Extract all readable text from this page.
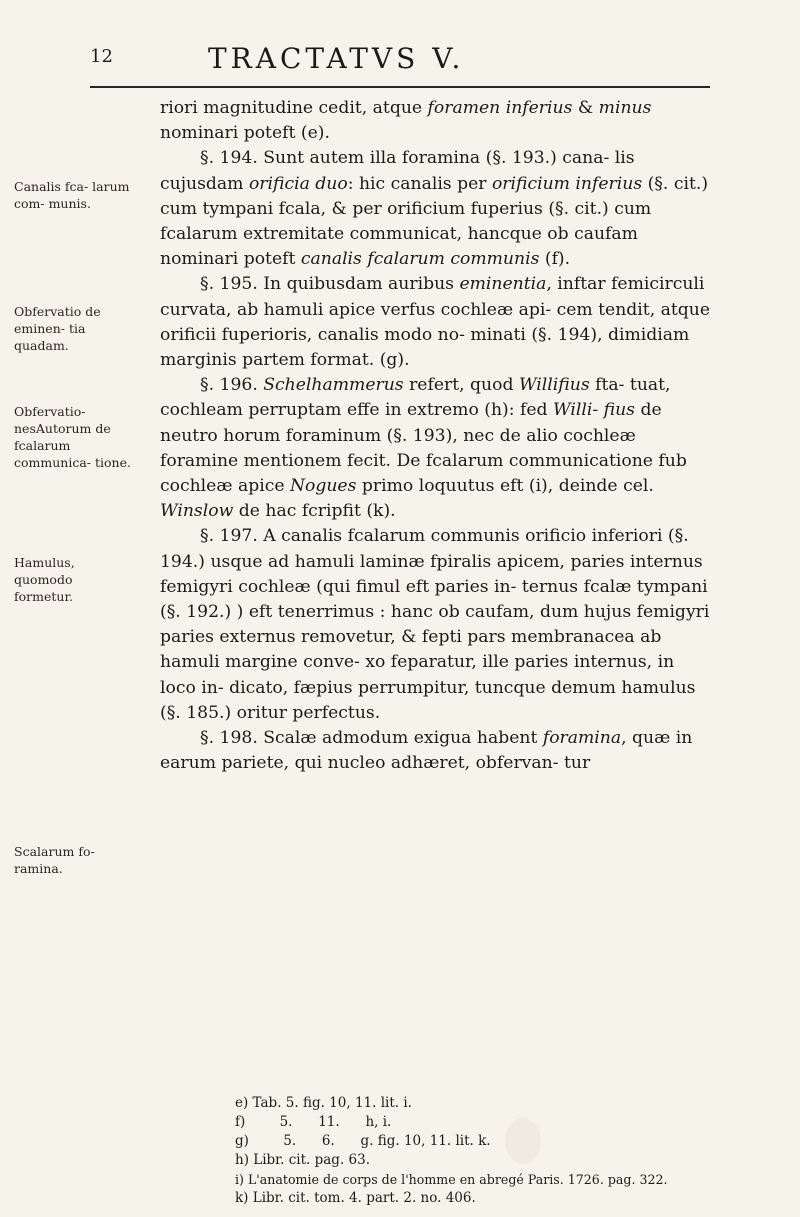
12	TRACTATVS V.
Canalis fca- larum com- munis.
Obfervatio de eminen- tia quadam.
Obfervatio- nesAutorum de fcalarum communica- tione.
Hamulus, quomodo formetur.
Scalarum fo- ramina.

riori magnitudine cedit, atque foramen inferius & minus nominari poteft (e).

§. 194. Sunt autem illa foramina (§. 193.) cana- lis cujusdam orificia duo: hic canalis per orificium inferius (§. cit.) cum tympani fcala, & per orificium fuperius (§. cit.) cum fcalarum extremitate communicat, hancque ob caufam nominari poteft canalis fcalarum communis (f).

§. 195. In quibusdam auribus eminentia, inftar femicirculi curvata, ab hamuli apice verfus cochleæ api- cem tendit, atque orificii fuperioris, canalis modo no- minati (§. 194), dimidiam marginis partem format. (g).

§. 196. Schelhammerus refert, quod Willifius fta- tuat, cochleam perruptam effe in extremo (h): fed Willi- fius de neutro horum foraminum (§. 193), nec de alio cochleæ foramine mentionem fecit. De fcalarum communicatione fub cochleæ apice Nogues primo loquutus eft (i), deinde cel. Winslow de hac fcripfit (k).

§. 197. A canalis fcalarum communis orificio inferiori (§. 194.) usque ad hamuli laminæ fpiralis apicem, paries internus femigyri cochleæ (qui fimul eft paries in- ternus fcalæ tympani (§. 192.) ) eft tenerrimus : hanc ob caufam, dum hujus femigyri paries externus removetur, & fepti pars membranacea ab hamuli margine conve- xo feparatur, ille paries internus, in loco in- dicato, fæpius perrumpitur, tuncque demum hamulus (§. 185.) oritur perfectus.

§. 198. Scalæ admodum exigua habent foramina, quæ in earum pariete, qui nucleo adhæret, obfervan- tur

e) Tab. 5. fig. 10, 11. lit. i.
f)        5.      11.      h, i.
g)        5.      6.      g. fig. 10, 11. lit. k.
h) Libr. cit. pag. 63.
i) L'anatomie de corps de l'homme en abregé Paris. 1726. pag. 322.
k) Libr. cit. tom. 4. part. 2. no. 406.
